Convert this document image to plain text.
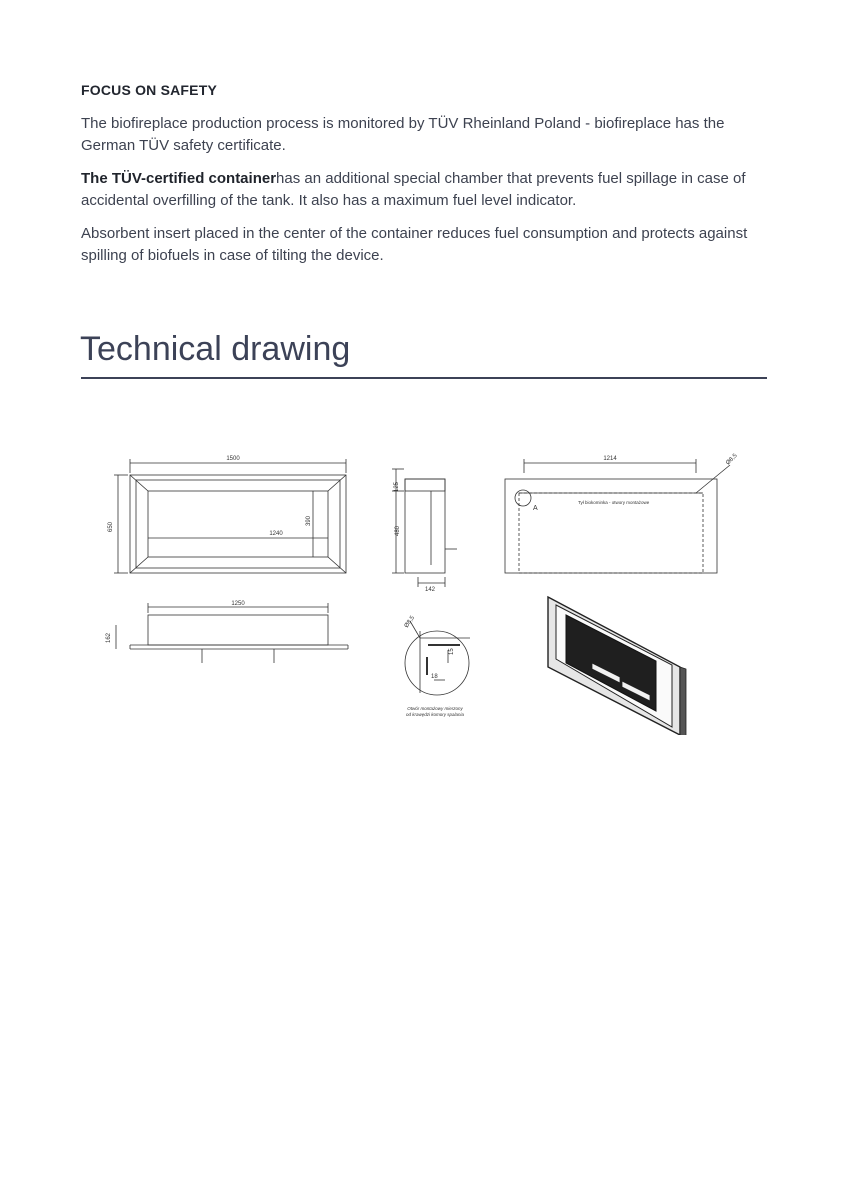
FOCUS ON SAFETY

The biofireplace production process is monitored by TÜV Rheinland Poland - biofireplace has the German TÜV safety certificate.

The TÜV-certified containerhas an additional special chamber that prevents fuel spillage in case of accidental overfilling of the tank. It also has a maximum fuel level indicator.

Absorbent insert placed in the center of the container reduces fuel consumption and protects against spilling of biofuels in case of tilting the device.

Technical drawing
1500
650
1240
390
125
480
142
1214	Ø8,5
A
Tył biokominka - otwory montażowe
1250
162
Ø8,5
15
18
Otwór montażowy mierzony
od krawędzi komory spalania
